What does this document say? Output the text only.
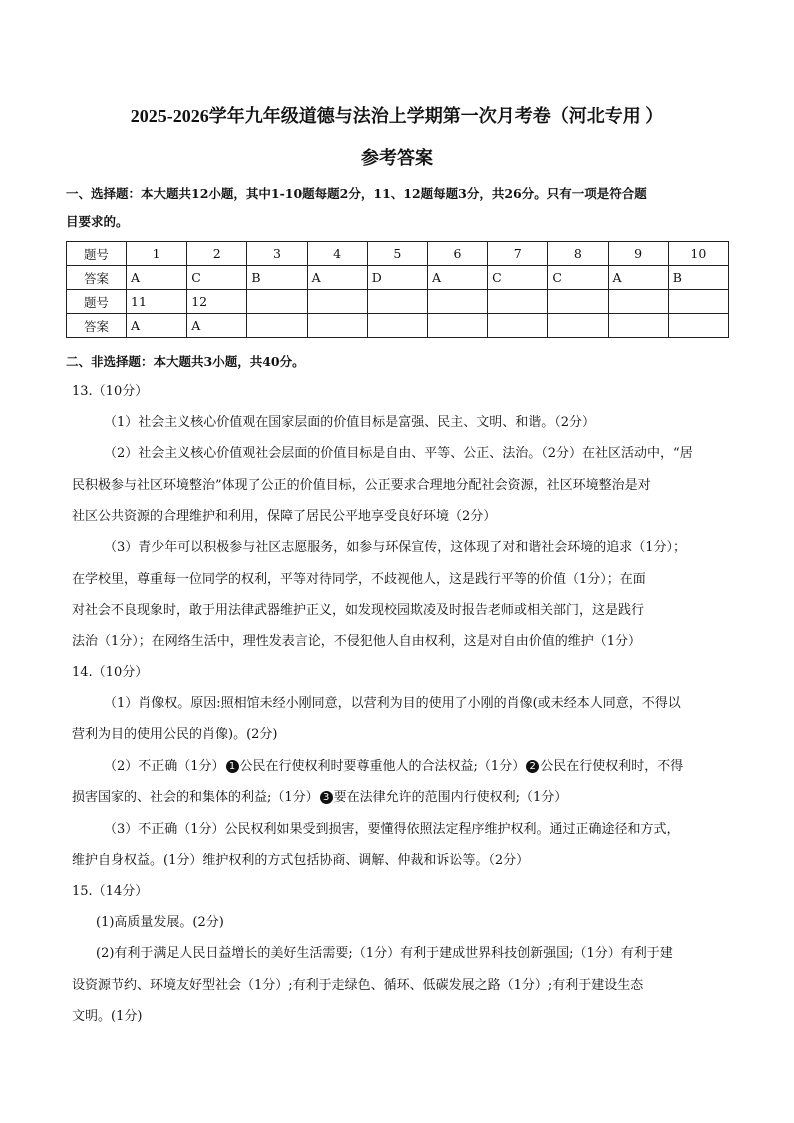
2025-2026学年九年级道德与法治上学期第一次月考卷（河北专用 ）
参考答案
一、选择题：本大题共12小题，其中1-10题每题2分，11、12题每题3分，共26分。只有一项是符合题
目要求的。
题号	1	2	3	4	5	6	7	8	9	10
答案	A	C	B	A	D	A	C	C	A	B
题号	11	12								
答案	A	A								
二、非选择题：本大题共3小题，共40分。
13.（10分）
（1）社会主义核心价值观在国家层面的价值目标是富强、民主、文明、和谐。（2分）
（2）社会主义核心价值观社会层面的价值目标是自由、平等、公正、法治。（2分）在社区活动中，“居
民积极参与社区环境整治”体现了公正的价值目标，公正要求合理地分配社会资源，社区环境整治是对
社区公共资源的合理维护和利用，保障了居民公平地享受良好环境（2分）
（3）青少年可以积极参与社区志愿服务，如参与环保宣传，这体现了对和谐社会环境的追求（1分）；
在学校里，尊重每一位同学的权利，平等对待同学，不歧视他人，这是践行平等的价值（1分）；在面
对社会不良现象时，敢于用法律武器维护正义，如发现校园欺凌及时报告老师或相关部门，这是践行
法治（1分）；在网络生活中，理性发表言论，不侵犯他人自由权利，这是对自由价值的维护（1分）
14.（10分）
（1）肖像权。原因:照相馆未经小刚同意，以营利为目的使用了小刚的肖像(或未经本人同意，不得以
营利为目的使用公民的肖像)。(2分)
（2）不正确（1分） 1 公民在行使权利时要尊重他人的合法权益;（1分） 2 公民在行使权利时，不得
损害国家的、社会的和集体的利益;（1分） 3 要在法律允许的范围内行使权利;（1分）
（3）不正确（1分）公民权利如果受到损害，要懂得依照法定程序维护权利。通过正确途径和方式，
维护自身权益。(1分）维护权利的方式包括协商、调解、仲裁和诉讼等。（2分）
15.（14分）
(1)高质量发展。(2分)
(2)有利于满足人民日益增长的美好生活需要;（1分）有利于建成世界科技创新强国;（1分）有利于建
设资源节约、环境友好型社会（1分）;有利于走绿色、循环、低碳发展之路（1分）;有利于建设生态
文明。(1分)
